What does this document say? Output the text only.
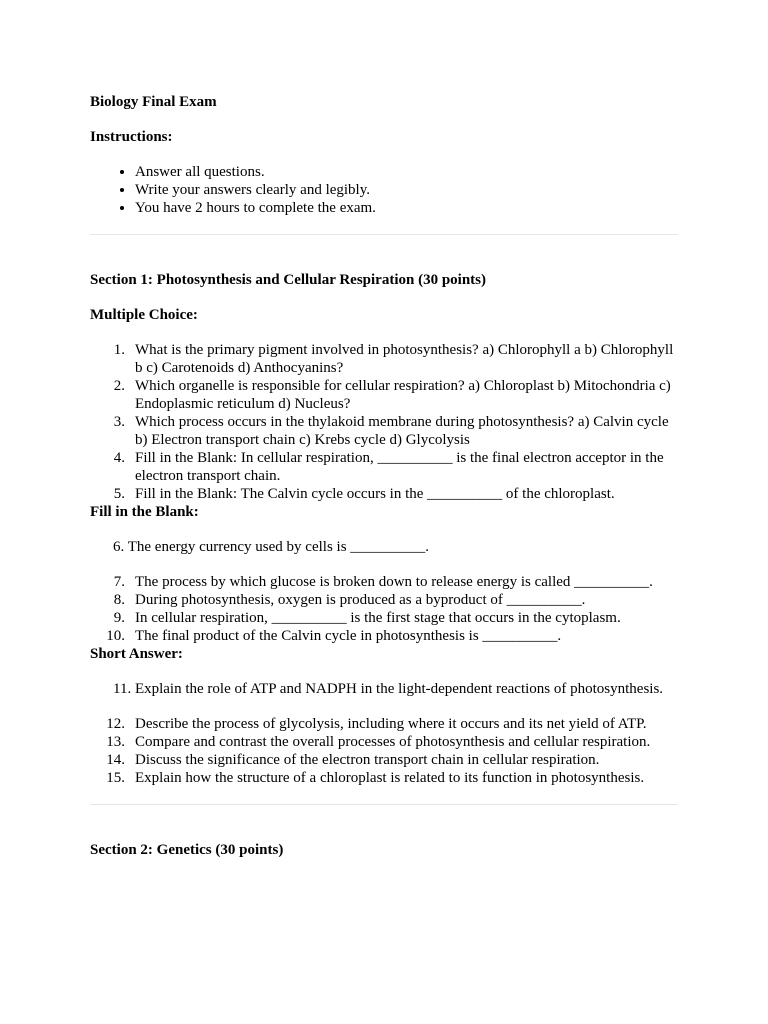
Biology Final Exam

Instructions:

• Answer all questions.
• Write your answers clearly and legibly.
• You have 2 hours to complete the exam.

Section 1: Photosynthesis and Cellular Respiration (30 points)

Multiple Choice:

1. What is the primary pigment involved in photosynthesis? a) Chlorophyll a b) Chlorophyll b c) Carotenoids d) Anthocyanins?
2. Which organelle is responsible for cellular respiration? a) Chloroplast b) Mitochondria c) Endoplasmic reticulum d) Nucleus?
3. Which process occurs in the thylakoid membrane during photosynthesis? a) Calvin cycle b) Electron transport chain c) Krebs cycle d) Glycolysis
4. Fill in the Blank: In cellular respiration, __________ is the final electron acceptor in the electron transport chain.
5. Fill in the Blank: The Calvin cycle occurs in the __________ of the chloroplast.

Fill in the Blank:

6. The energy currency used by cells is __________.

7. The process by which glucose is broken down to release energy is called __________.
8. During photosynthesis, oxygen is produced as a byproduct of __________.
9. In cellular respiration, __________ is the first stage that occurs in the cytoplasm.
10. The final product of the Calvin cycle in photosynthesis is __________.

Short Answer:

11. Explain the role of ATP and NADPH in the light-dependent reactions of photosynthesis.

12. Describe the process of glycolysis, including where it occurs and its net yield of ATP.
13. Compare and contrast the overall processes of photosynthesis and cellular respiration.
14. Discuss the significance of the electron transport chain in cellular respiration.
15. Explain how the structure of a chloroplast is related to its function in photosynthesis.

Section 2: Genetics (30 points)
